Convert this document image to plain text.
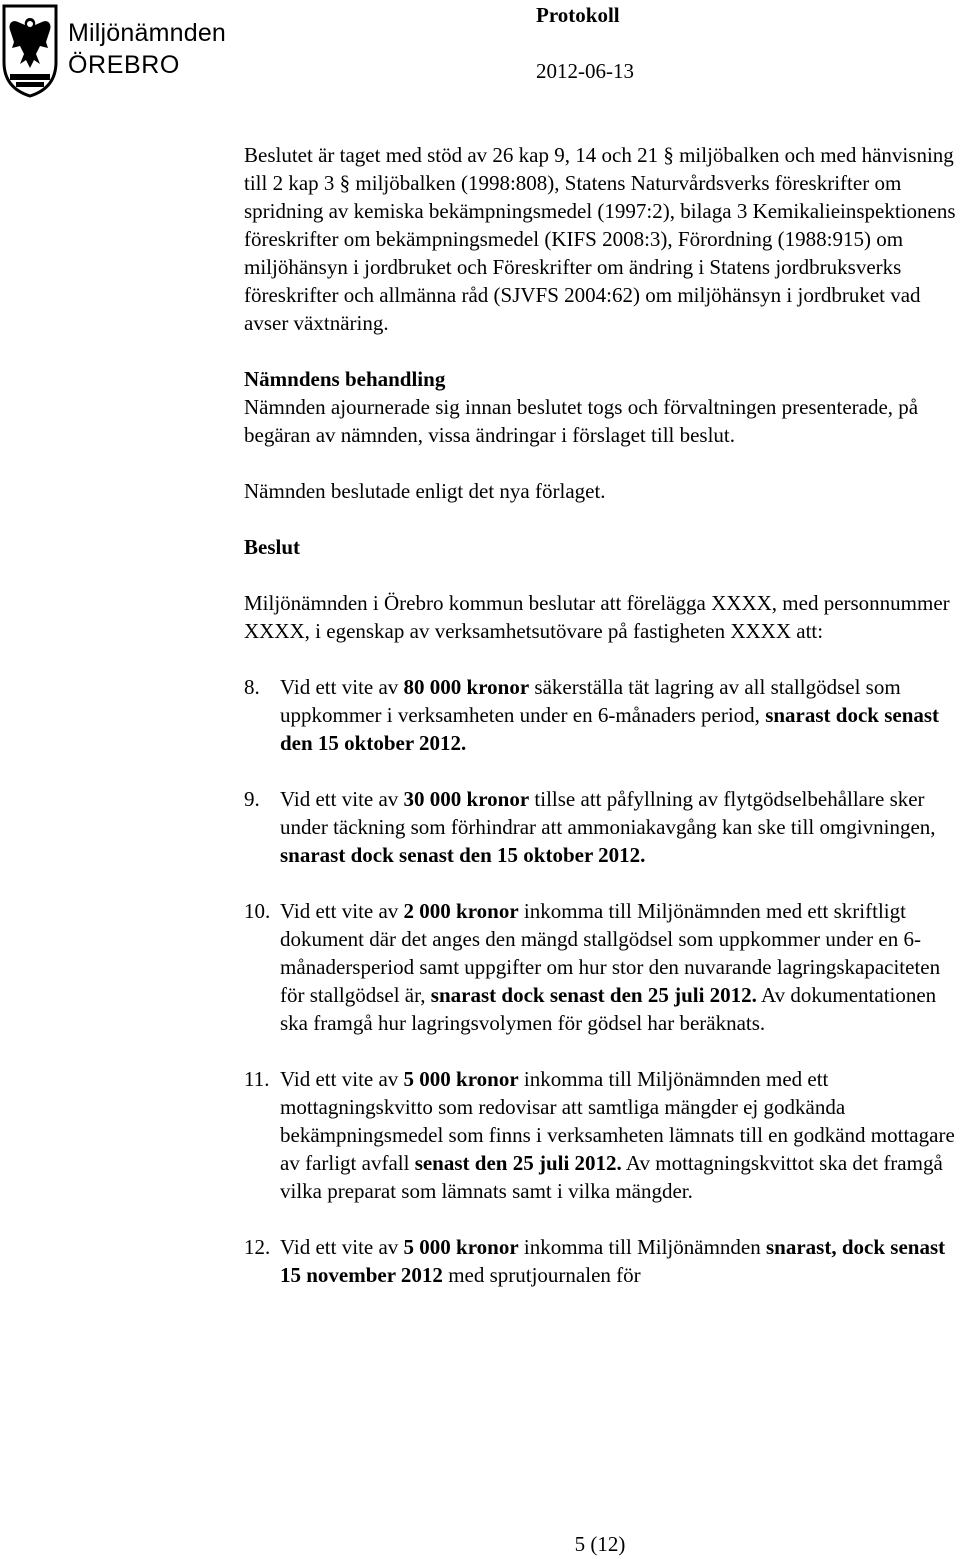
Miljönämnden
ÖREBRO
Protokoll
2012-06-13

Beslutet är taget med stöd av 26 kap 9, 14 och 21 § miljöbalken och med hänvisning till 2 kap 3 § miljöbalken (1998:808), Statens Naturvårdsverks föreskrifter om spridning av kemiska bekämpningsmedel (1997:2), bilaga 3 Kemikalieinspektionens föreskrifter om bekämpningsmedel (KIFS 2008:3), Förordning (1988:915) om miljöhänsyn i jordbruket och Föreskrifter om ändring i Statens jordbruksverks föreskrifter och allmänna råd (SJVFS 2004:62) om miljöhänsyn i jordbruket vad avser växtnäring.

Nämndens behandling

Nämnden ajournerade sig innan beslutet togs och förvaltningen presenterade, på begäran av nämnden, vissa ändringar i förslaget till beslut.

Nämnden beslutade enligt det nya förlaget.

Beslut

Miljönämnden i Örebro kommun beslutar att förelägga XXXX, med personnummer XXXX, i egenskap av verksamhetsutövare på fastigheten XXXX att:

8. Vid ett vite av 80 000 kronor säkerställa tät lagring av all stallgödsel som uppkommer i verksamheten under en 6-månaders period, snarast dock senast den 15 oktober 2012.
9. Vid ett vite av 30 000 kronor tillse att påfyllning av flytgödselbehållare sker under täckning som förhindrar att ammoniakavgång kan ske till omgivningen, snarast dock senast den 15 oktober 2012.
10. Vid ett vite av 2 000 kronor inkomma till Miljönämnden med ett skriftligt dokument där det anges den mängd stallgödsel som uppkommer under en 6-månadersperiod samt uppgifter om hur stor den nuvarande lagringskapaciteten för stallgödsel är, snarast dock senast den 25 juli 2012. Av dokumentationen ska framgå hur lagringsvolymen för gödsel har beräknats.
11. Vid ett vite av 5 000 kronor inkomma till Miljönämnden med ett mottagningskvitto som redovisar att samtliga mängder ej godkända bekämpningsmedel som finns i verksamheten lämnats till en godkänd mottagare av farligt avfall senast den 25 juli 2012. Av mottagningskvittot ska det framgå vilka preparat som lämnats samt i vilka mängder.
12. Vid ett vite av 5 000 kronor inkomma till Miljönämnden snarast, dock senast 15 november 2012 med sprutjournalen för
5 (12)
